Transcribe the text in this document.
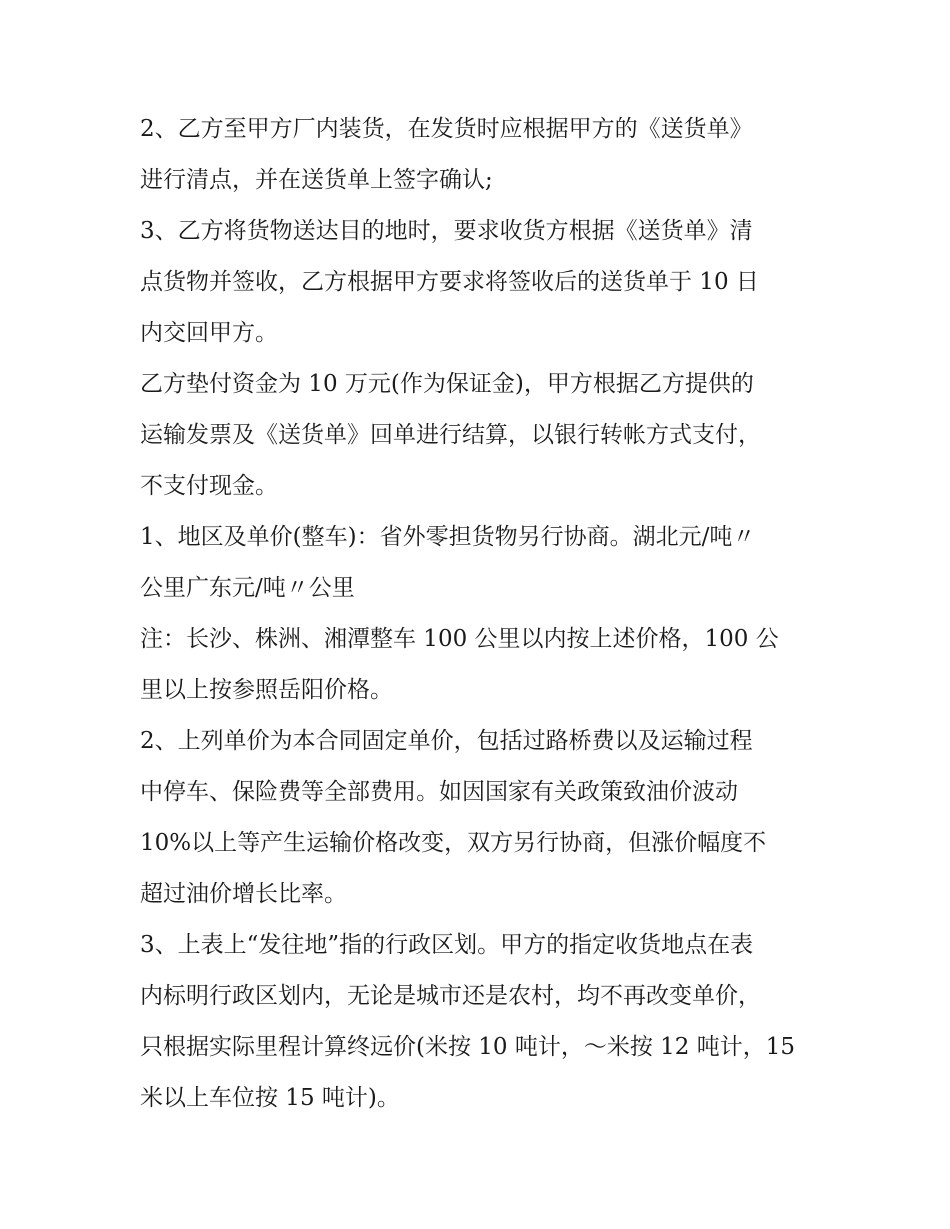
2、乙方至甲方厂内装货，在发货时应根据甲方的《送货单》
进行清点，并在送货单上签字确认;
3、乙方将货物送达目的地时，要求收货方根据《送货单》清
点货物并签收，乙方根据甲方要求将签收后的送货单于 10 日
内交回甲方。
乙方垫付资金为 10 万元(作为保证金)，甲方根据乙方提供的
运输发票及《送货单》回单进行结算，以银行转帐方式支付，
不支付现金。
1、地区及单价(整车)：省外零担货物另行协商。湖北元/吨〃
公里广东元/吨〃公里
注：长沙、株洲、湘潭整车 100 公里以内按上述价格，100 公
里以上按参照岳阳价格。
2、上列单价为本合同固定单价，包括过路桥费以及运输过程
中停车、保险费等全部费用。如因国家有关政策致油价波动
10%以上等产生运输价格改变，双方另行协商，但涨价幅度不
超过油价增长比率。
3、上表上“发往地”指的行政区划。甲方的指定收货地点在表
内标明行政区划内，无论是城市还是农村，均不再改变单价，
只根据实际里程计算终远价(米按 10 吨计，～米按 12 吨计，15
米以上车位按 15 吨计)。
